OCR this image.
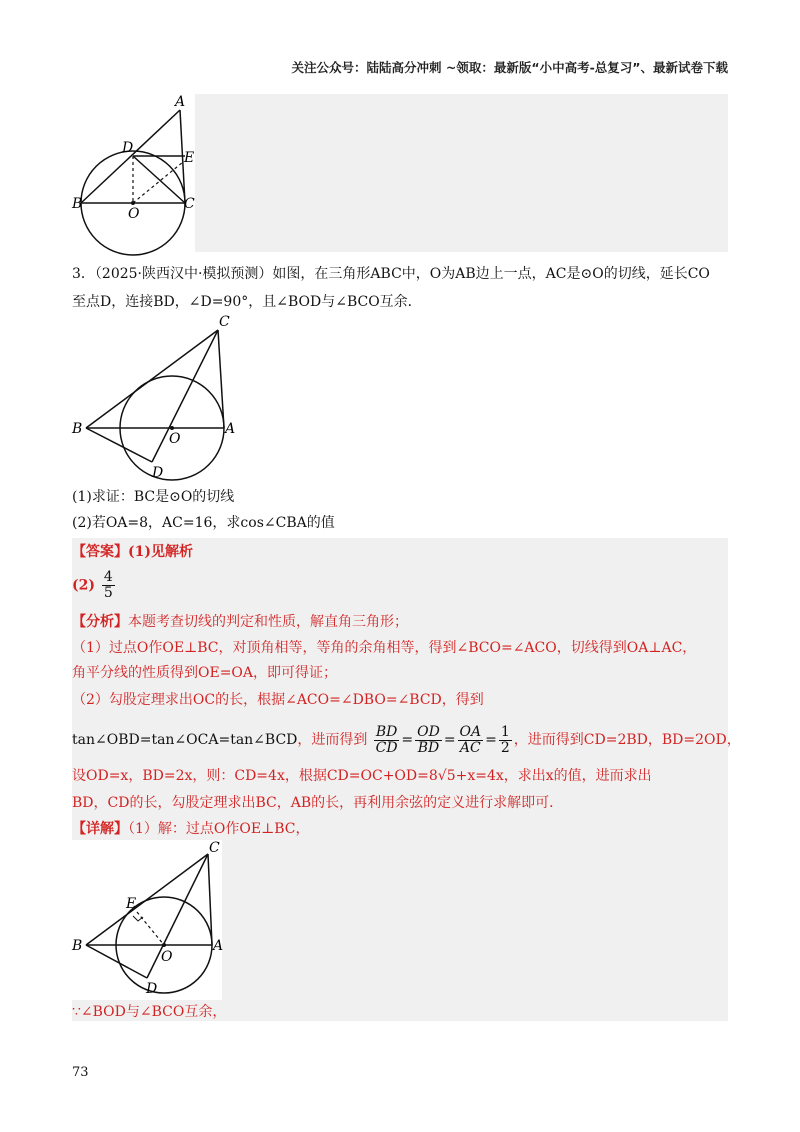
关注公众号：陆陆高分冲刺 ~领取：最新版“小中高考-总复习”、最新试卷下载
A
D
E
B
O
C
3．（2025·陕西汉中·模拟预测）如图，在三角形ABC中，O为AB边上一点，AC是⊙O的切线，延长CO
至点D，连接BD，∠D=90°，且∠BOD与∠BCO互余．
C
B
O
A
D
(1)求证：BC是⊙O的切线
(2)若OA=8，AC=16，求cos∠CBA的值
【答案】(1)见解析
$(2) \frac{4}{5}$
【分析】本题考查切线的判定和性质，解直角三角形；
（1）过点O作OE⊥BC，对顶角相等，等角的余角相等，得到∠BCO=∠ACO，切线得到OA⊥AC，
角平分线的性质得到OE=OA，即可得证；
（2）勾股定理求出OC的长，根据∠ACO=∠DBO=∠BCD，得到
tan∠OBD=tan∠OCA=tan∠BCD，进而得到 $\frac{BD}{CD} = \frac{OD}{BD} = \frac{OA}{AC} = \frac{1}{2}$ ，进而得到CD=2BD，BD=2OD，
设OD=x，BD=2x，则：CD=4x，根据CD=OC+OD=8√5+x=4x，求出x的值，进而求出
BD，CD的长，勾股定理求出BC，AB的长，再利用余弦的定义进行求解即可．
【详解】（1）解：过点O作OE⊥BC，
C
E
B
O
A
D
∵∠BOD与∠BCO互余，
73
